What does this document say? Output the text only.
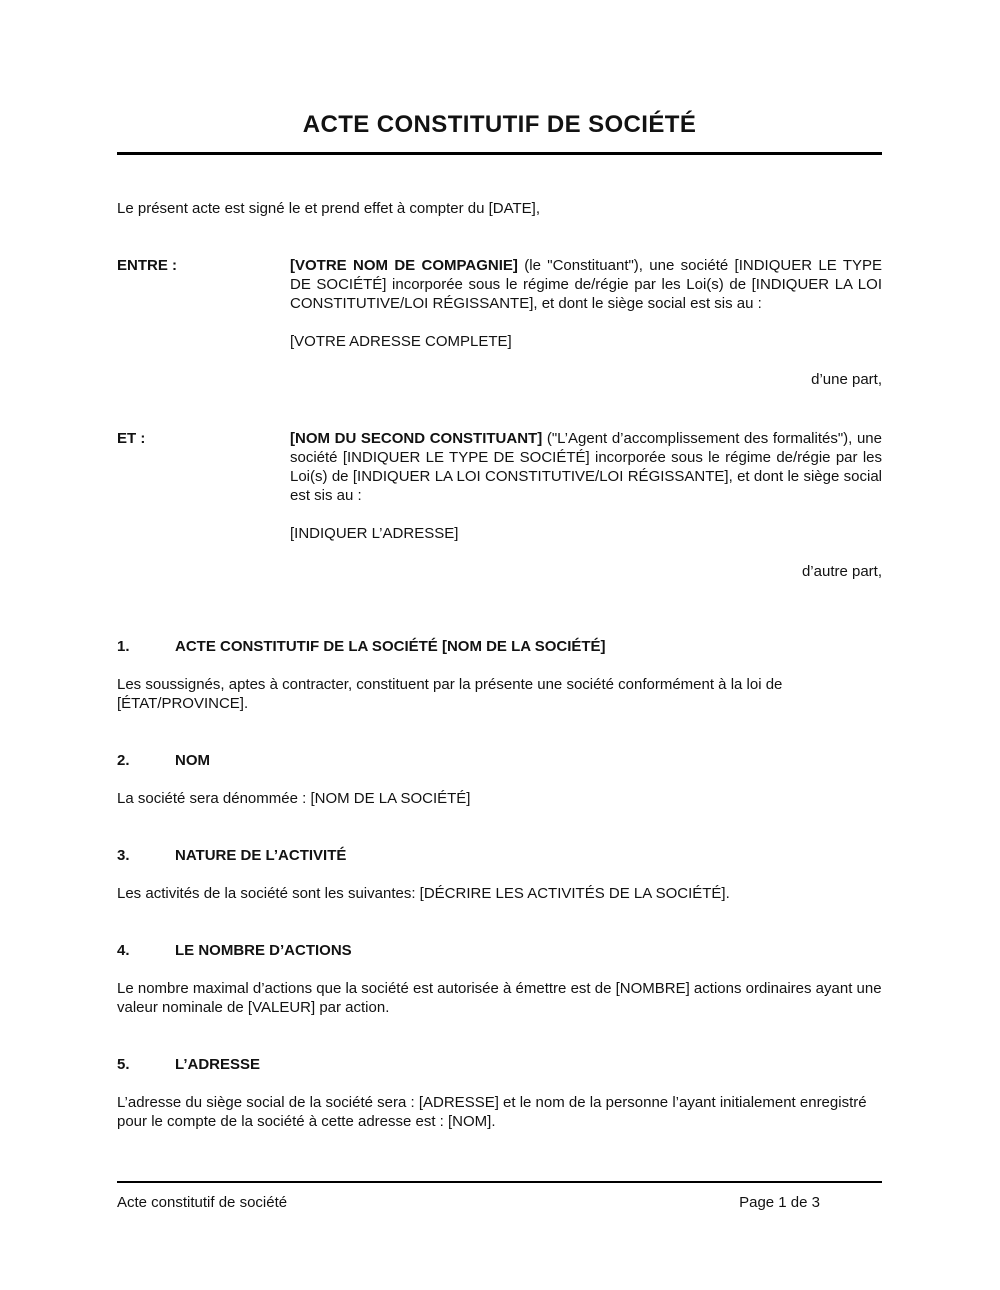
ACTE CONSTITUTIF DE SOCIÉTÉ

Le présent acte est signé le et prend effet à compter du [DATE],

ENTRE :	[VOTRE NOM DE COMPAGNIE] (le "Constituant"), une société [INDIQUER LE TYPE DE SOCIÉTÉ] incorporée sous le régime de/régie par les Loi(s) de [INDIQUER LA LOI CONSTITUTIVE/LOI RÉGISSANTE], et dont le siège social est sis au :

[VOTRE ADRESSE COMPLETE]

d’une part,

ET :	[NOM DU SECOND CONSTITUANT] ("L’Agent d’accomplissement des formalités"), une société [INDIQUER LE TYPE DE SOCIÉTÉ] incorporée sous le régime de/régie par les Loi(s) de [INDIQUER LA LOI CONSTITUTIVE/LOI RÉGISSANTE], et dont le siège social est sis au :

[INDIQUER L’ADRESSE]

d’autre part,

1.	ACTE CONSTITUTIF DE LA SOCIÉTÉ [NOM DE LA SOCIÉTÉ]

Les soussignés, aptes à contracter, constituent par la présente une société conformément à la loi de [ÉTAT/PROVINCE].

2.	NOM

La société sera dénommée : [NOM DE LA SOCIÉTÉ]

3.	NATURE DE L’ACTIVITÉ

Les activités de la société sont les suivantes: [DÉCRIRE LES ACTIVITÉS DE LA SOCIÉTÉ].

4.	LE NOMBRE D’ACTIONS

Le nombre maximal d’actions que la société est autorisée à émettre est de [NOMBRE] actions ordinaires ayant une valeur nominale de [VALEUR] par action.

5.	L’ADRESSE

L’adresse du siège social de la société sera : [ADRESSE] et le nom de la personne l’ayant initialement enregistré pour le compte de la société à cette adresse est : [NOM].

Acte constitutif de société	Page 1 de 3
